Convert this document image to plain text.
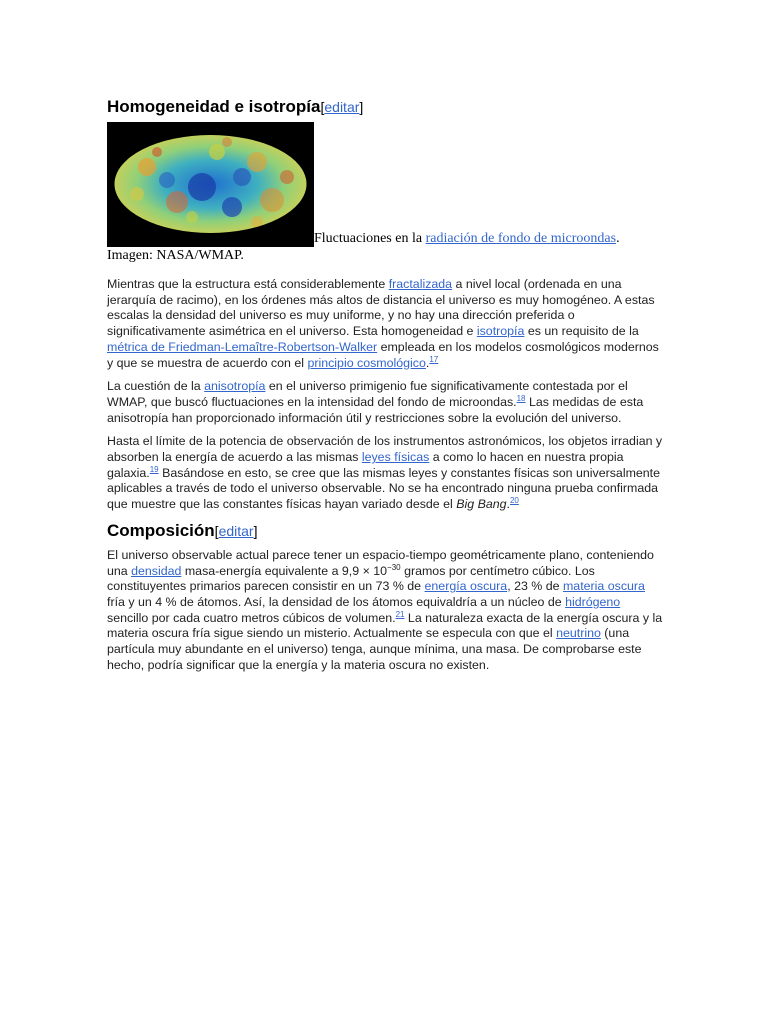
Homogeneidad e isotropía[editar]
Fluctuaciones en la radiación de fondo de microondas.
Imagen: NASA/WMAP.

Mientras que la estructura está considerablemente fractalizada a nivel local (ordenada en una jerarquía de racimo), en los órdenes más altos de distancia el universo es muy homogéneo. A estas escalas la densidad del universo es muy uniforme, y no hay una dirección preferida o significativamente asimétrica en el universo. Esta homogeneidad e isotropía es un requisito de la métrica de Friedman-Lemaître-Robertson-Walker empleada en los modelos cosmológicos modernos y que se muestra de acuerdo con el principio cosmológico.$^{17}$

La cuestión de la anisotropía en el universo primigenio fue significativamente contestada por el WMAP, que buscó fluctuaciones en la intensidad del fondo de microondas.$^{18}$ Las medidas de esta anisotropía han proporcionado información útil y restricciones sobre la evolución del universo.

Hasta el límite de la potencia de observación de los instrumentos astronómicos, los objetos irradian y absorben la energía de acuerdo a las mismas leyes físicas a como lo hacen en nuestra propia galaxia.$^{19}$ Basándose en esto, se cree que las mismas leyes y constantes físicas son universalmente aplicables a través de todo el universo observable. No se ha encontrado ninguna prueba confirmada que muestre que las constantes físicas hayan variado desde el Big Bang.$^{20}$

Composición[editar]

El universo observable actual parece tener un espacio-tiempo geométricamente plano, conteniendo una densidad masa-energía equivalente a $9,9 \times 10^{-30}$ gramos por centímetro cúbico. Los constituyentes primarios parecen consistir en un 73 % de energía oscura, 23 % de materia oscura fría y un 4 % de átomos. Así, la densidad de los átomos equivaldría a un núcleo de hidrógeno sencillo por cada cuatro metros cúbicos de volumen.$^{21}$ La naturaleza exacta de la energía oscura y la materia oscura fría sigue siendo un misterio. Actualmente se especula con que el neutrino (una partícula muy abundante en el universo) tenga, aunque mínima, una masa. De comprobarse este hecho, podría significar que la energía y la materia oscura no existen.
